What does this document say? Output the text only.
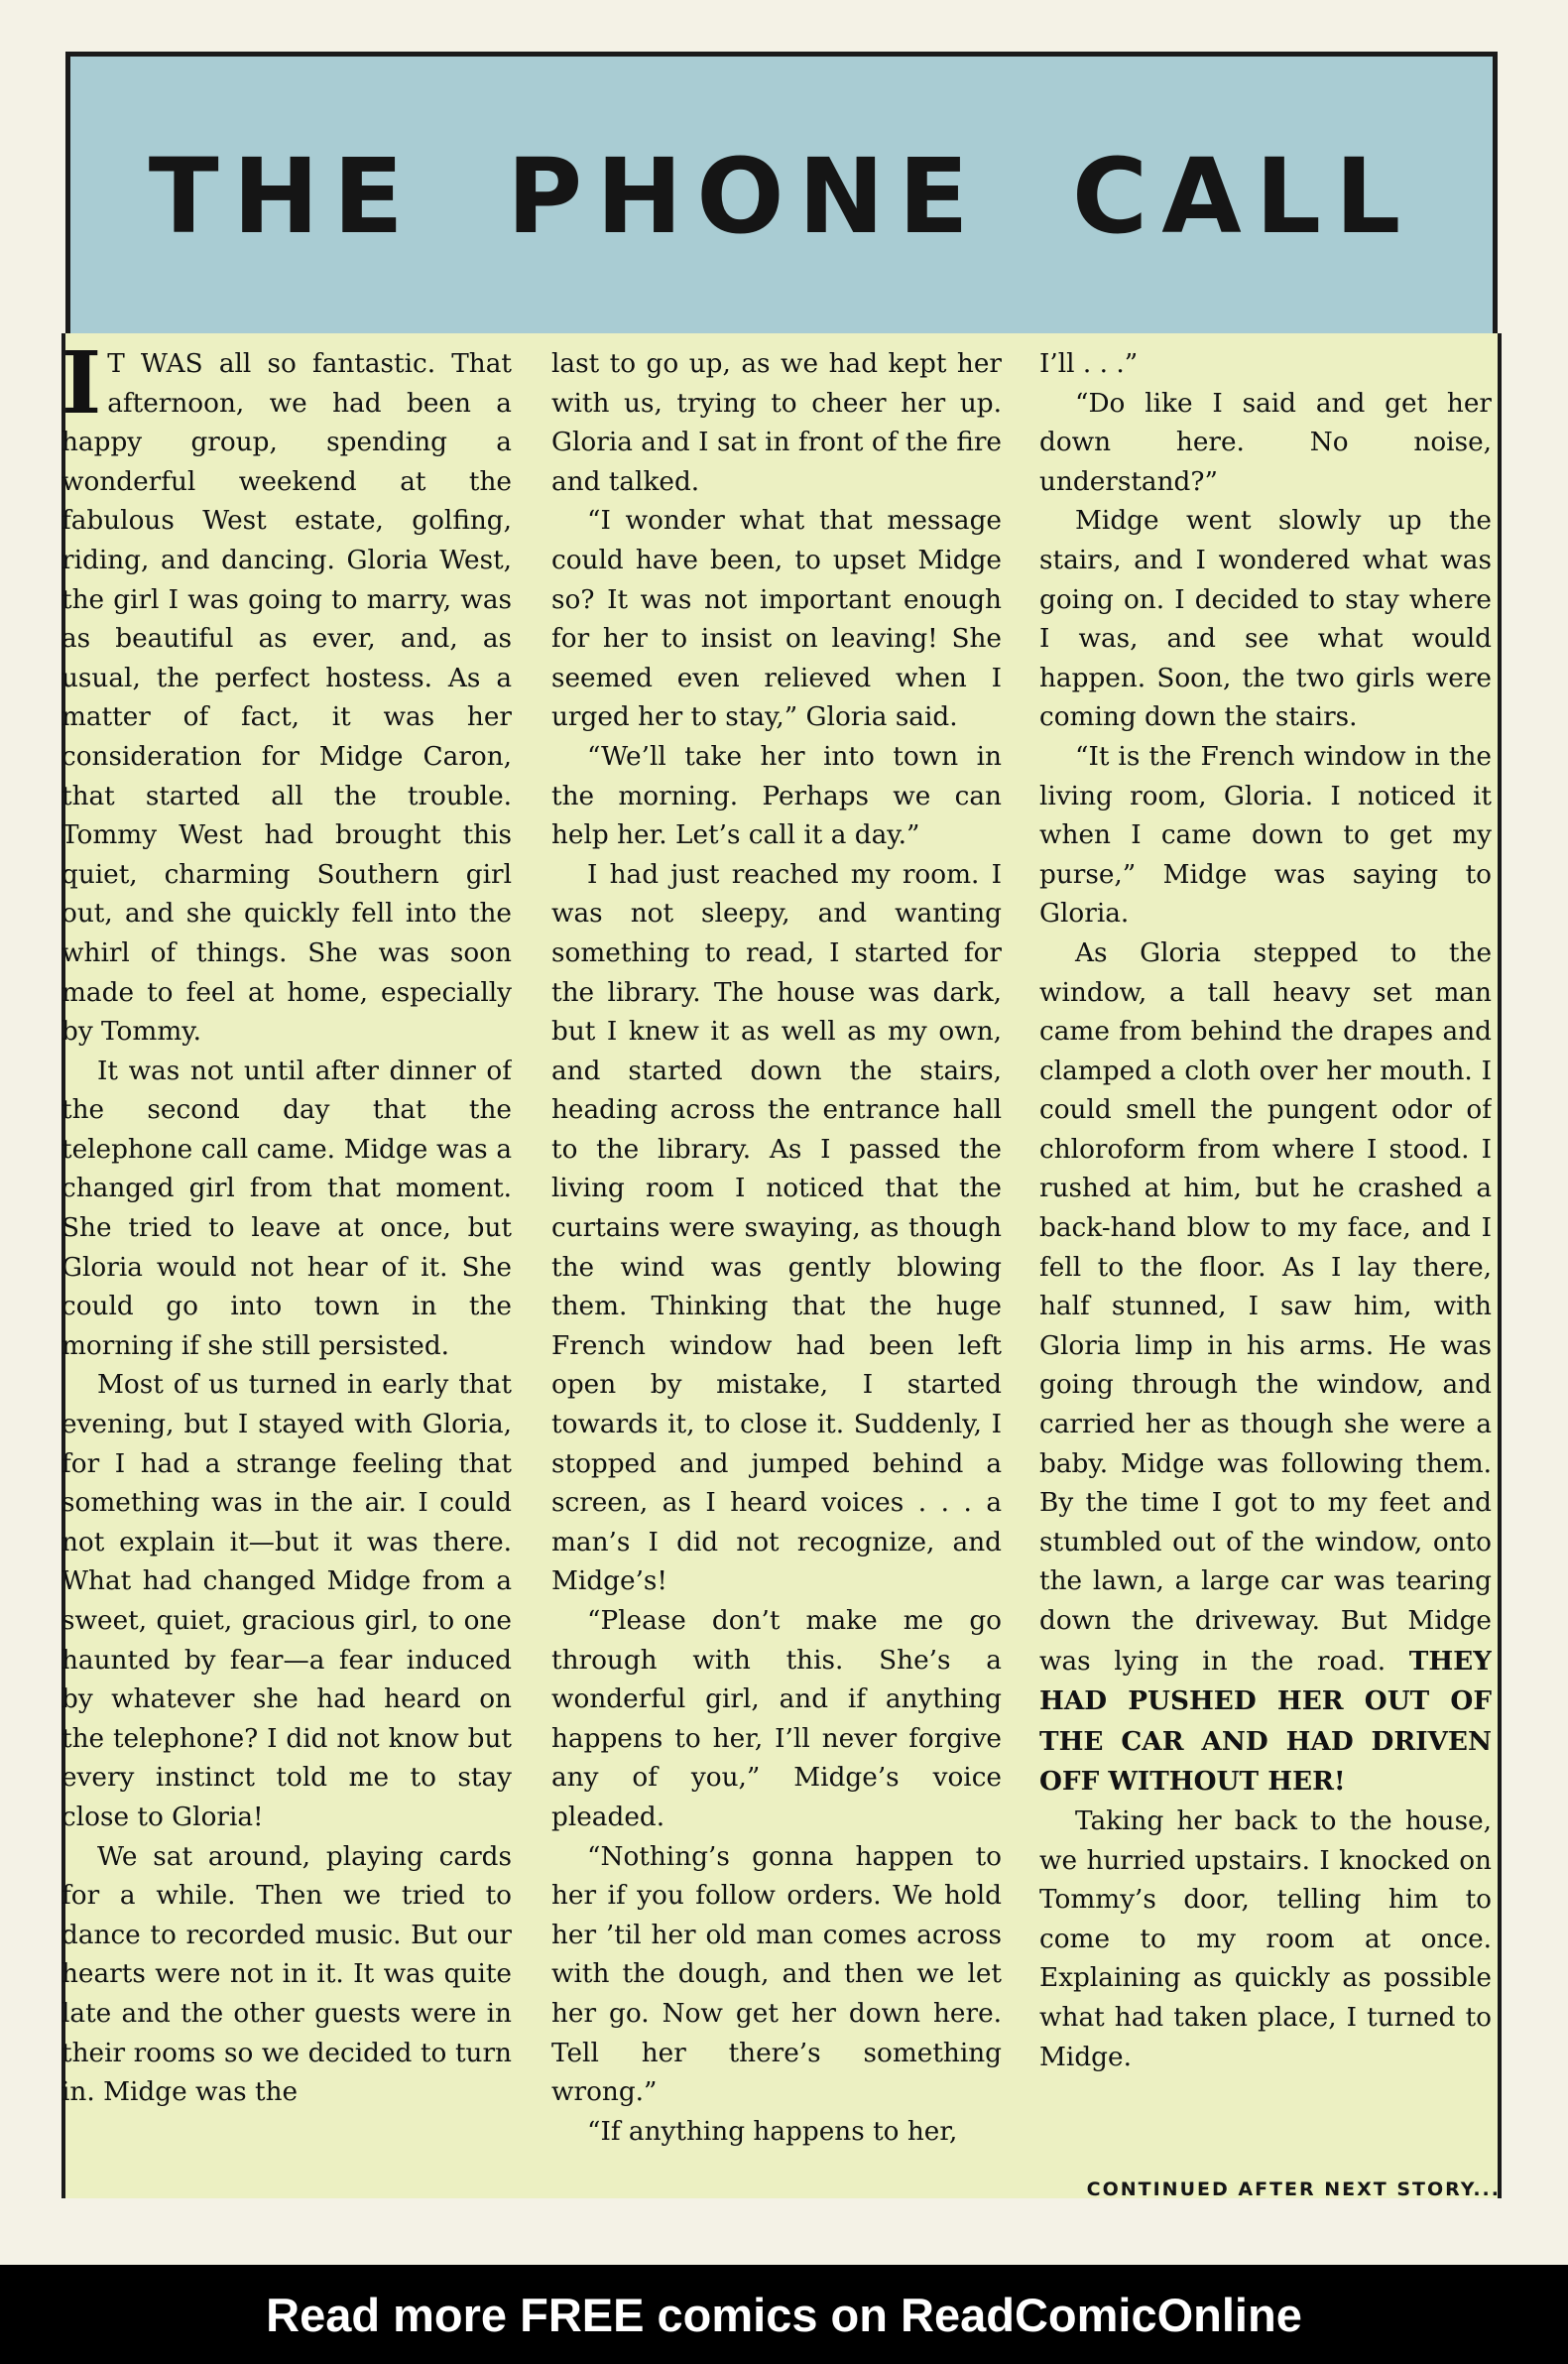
THE PHONE CALL

I T WAS all so fantastic. That afternoon, we had been a happy group, spending a wonderful weekend at the fabulous West estate, golfing, riding, and dancing. Gloria West, the girl I was going to marry, was as beautiful as ever, and, as usual, the perfect hostess. As a matter of fact, it was her consideration for Midge Caron, that started all the trouble. Tommy West had brought this quiet, charming Southern girl out, and she quickly fell into the whirl of things. She was soon made to feel at home, especially by Tommy.

It was not until after dinner of the second day that the telephone call came. Midge was a changed girl from that moment. She tried to leave at once, but Gloria would not hear of it. She could go into town in the morning if she still persisted.

Most of us turned in early that evening, but I stayed with Gloria, for I had a strange feeling that something was in the air. I could not explain it—but it was there. What had changed Midge from a sweet, quiet, gracious girl, to one haunted by fear—a fear induced by whatever she had heard on the telephone? I did not know but every instinct told me to stay close to Gloria!

We sat around, playing cards for a while. Then we tried to dance to recorded music. But our hearts were not in it. It was quite late and the other guests were in their rooms so we decided to turn in. Midge was the

last to go up, as we had kept her with us, trying to cheer her up. Gloria and I sat in front of the fire and talked.

“I wonder what that message could have been, to upset Midge so? It was not important enough for her to insist on leaving! She seemed even relieved when I urged her to stay,” Gloria said.

“We’ll take her into town in the morning. Perhaps we can help her. Let’s call it a day.”

I had just reached my room. I was not sleepy, and wanting something to read, I started for the library. The house was dark, but I knew it as well as my own, and started down the stairs, heading across the entrance hall to the library. As I passed the living room I noticed that the curtains were swaying, as though the wind was gently blowing them. Thinking that the huge French window had been left open by mistake, I started towards it, to close it. Suddenly, I stopped and jumped behind a screen, as I heard voices . . . a man’s I did not recognize, and Midge’s!

“Please don’t make me go through with this. She’s a wonderful girl, and if anything happens to her, I’ll never forgive any of you,” Midge’s voice pleaded.

“Nothing’s gonna happen to her if you follow orders. We hold her ’til her old man comes across with the dough, and then we let her go. Now get her down here. Tell her there’s something wrong.”

“If anything happens to her,

I’ll . . .”

“Do like I said and get her down here. No noise, understand?”

Midge went slowly up the stairs, and I wondered what was going on. I decided to stay where I was, and see what would happen. Soon, the two girls were coming down the stairs.

“It is the French window in the living room, Gloria. I noticed it when I came down to get my purse,” Midge was saying to Gloria.

As Gloria stepped to the window, a tall heavy set man came from behind the drapes and clamped a cloth over her mouth. I could smell the pungent odor of chloroform from where I stood. I rushed at him, but he crashed a back-hand blow to my face, and I fell to the floor. As I lay there, half stunned, I saw him, with Gloria limp in his arms. He was going through the window, and carried her as though she were a baby. Midge was following them. By the time I got to my feet and stumbled out of the window, onto the lawn, a large car was tearing down the driveway. But Midge was lying in the road. THEY HAD PUSHED HER OUT OF THE CAR AND HAD DRIVEN OFF WITHOUT HER!

Taking her back to the house, we hurried upstairs. I knocked on Tommy’s door, telling him to come to my room at once. Explaining as quickly as possible what had taken place, I turned to Midge.

CONTINUED AFTER NEXT STORY...
Read more FREE comics on ReadComicOnline
